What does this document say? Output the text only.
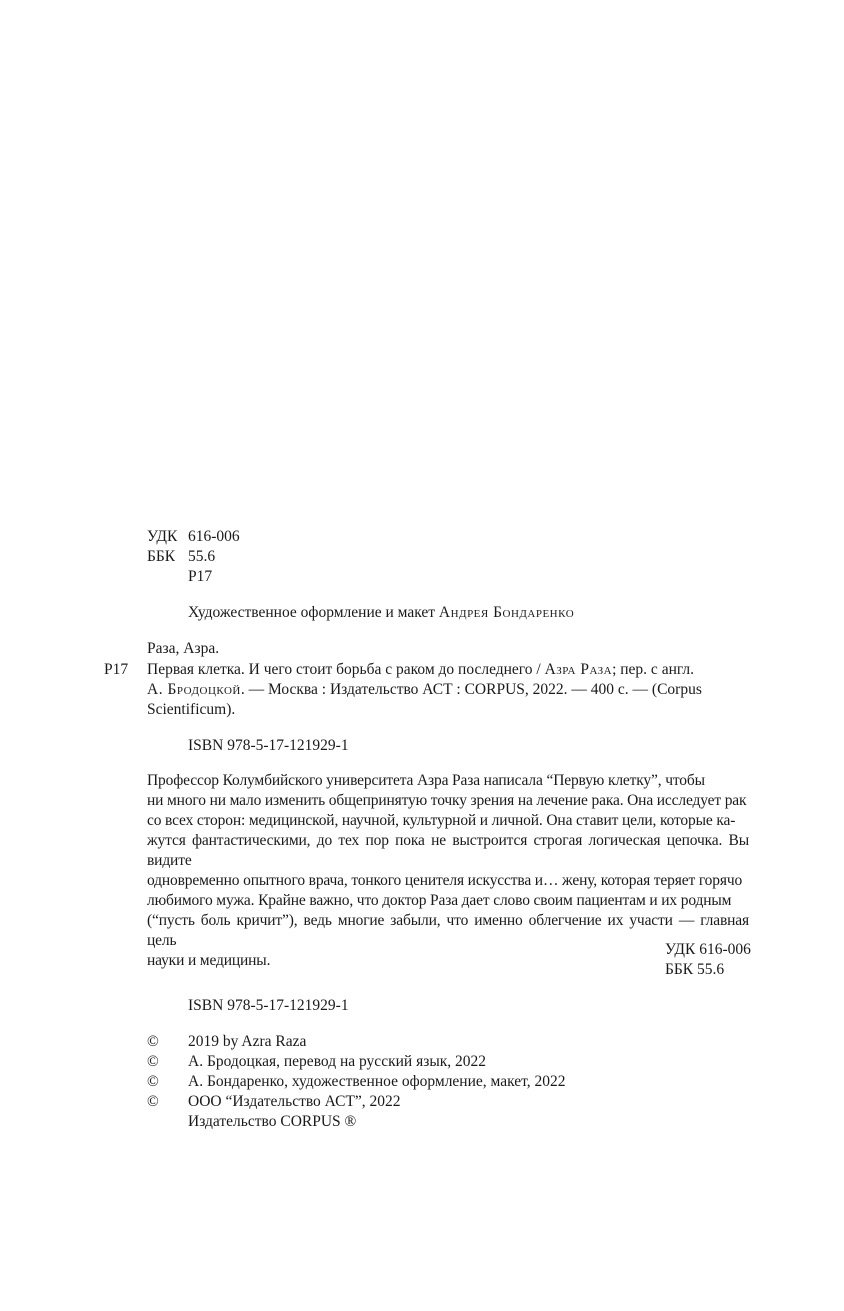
УДК 616-006
ББК 55.6
Р17
Художественное оформление и макет Андрея Бондаренко
Раза, Азра.
Р17 Первая клетка. И чего стоит борьба с раком до последнего / Азра Раза; пер. с англ.
А. Бродоцкой. — Москва : Издательство АСТ : CORPUS, 2022. — 400 с. — (Corpus
Scientificum).
ISBN 978-5-17-121929-1
Профессор Колумбийского университета Азра Раза написала “Первую клетку”, чтобы
ни много ни мало изменить общепринятую точку зрения на лечение рака. Она исследует рак
со всех сторон: медицинской, научной, культурной и личной. Она ставит цели, которые ка-
жутся фантастическими, до тех пор пока не выстроится строгая логическая цепочка. Вы видите
одновременно опытного врача, тонкого ценителя искусства и… жену, которая теряет горячо
любимого мужа. Крайне важно, что доктор Раза дает слово своим пациентам и их родным
(“пусть боль кричит”), ведь многие забыли, что именно облегчение их участи — главная цель
науки и медицины.
УДК 616-006
ББК 55.6
ISBN 978-5-17-121929-1
© 2019 by Azra Raza
© А. Бродоцкая, перевод на русский язык, 2022
© А. Бондаренко, художественное оформление, макет, 2022
© ООО “Издательство АСТ”, 2022
Издательство CORPUS ®
